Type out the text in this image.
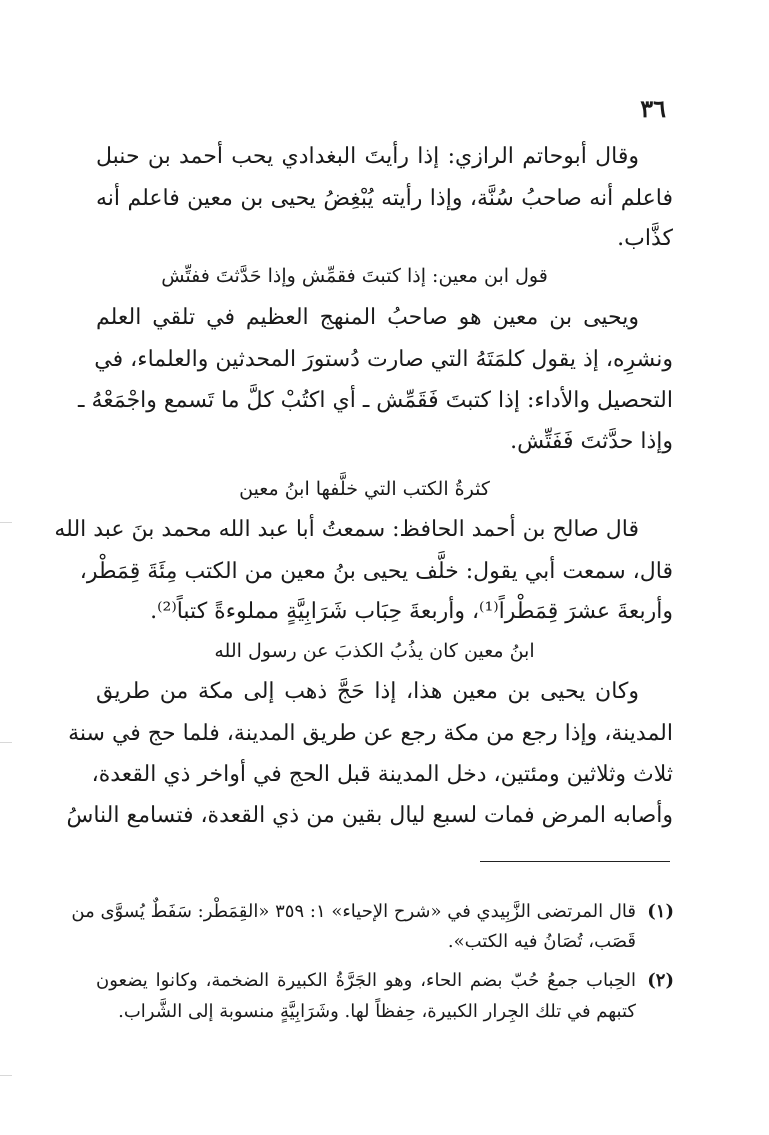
٣٦
وقال أبوحاتم الرازي: إذا رأيتَ البغدادي يحب أحمد بن حنبل
فاعلم أنه صاحبُ سُنَّة، وإذا رأيته يُبْغِضُ يحيى بن معين فاعلم أنه
كذَّاب.
قول ابن معين: إذا كتبتَ فقمِّش وإذا حَدَّثتَ ففتِّش
ويحيى بن معين هو صاحبُ المنهج العظيم في تلقي العلم
ونشرِه، إذ يقول كلمَتَهُ التي صارت دُستورَ المحدثين والعلماء، في
التحصيل والأداء: إذا كتبتَ فَقَمِّش ـ أي اكتُبْ كلَّ ما تَسمع واجْمَعْهُ ـ
وإذا حدَّثتَ فَفَتِّش.
كثرةُ الكتب التي خلَّفها ابنُ معين
قال صالح بن أحمد الحافظ: سمعتُ أبا عبد الله محمد بنَ عبد الله
قال، سمعت أبي يقول: خلَّف يحيى بنُ معين من الكتب مِئَةَ قِمَطْر،
وأربعةَ عشرَ قِمَطْراً⁽¹⁾، وأربعةَ حِبَاب شَرَابِيَّةٍ مملوءةً كتباً⁽²⁾.
ابنُ معين كان يذُبُ الكذبَ عن رسول الله
وكان يحيى بن معين هذا، إذا حَجَّ ذهب إلى مكة من طريق
المدينة، وإذا رجع من مكة رجع عن طريق المدينة، فلما حج في سنة
ثلاث وثلاثين ومئتين، دخل المدينة قبل الحج في أواخر ذي القعدة،
وأصابه المرض فمات لسبع ليال بقين من ذي القعدة، فتسامع الناسُ
(١)
قال المرتضى الزَّبِيدي في «شرح الإحياء» ١: ٣٥٩ «القِمَطْر: سَفَطٌ يُسوَّى من
قَصَب، تُصَانُ فيه الكتب».
(٢)
الحِباب جمعُ حُبّ بضم الحاء، وهو الجَرَّةُ الكبيرة الضخمة، وكانوا يضعون
كتبهم في تلك الجِرار الكبيرة، حِفظاً لها. وشَرَابِيَّةٍ منسوبة إلى الشَّراب.
